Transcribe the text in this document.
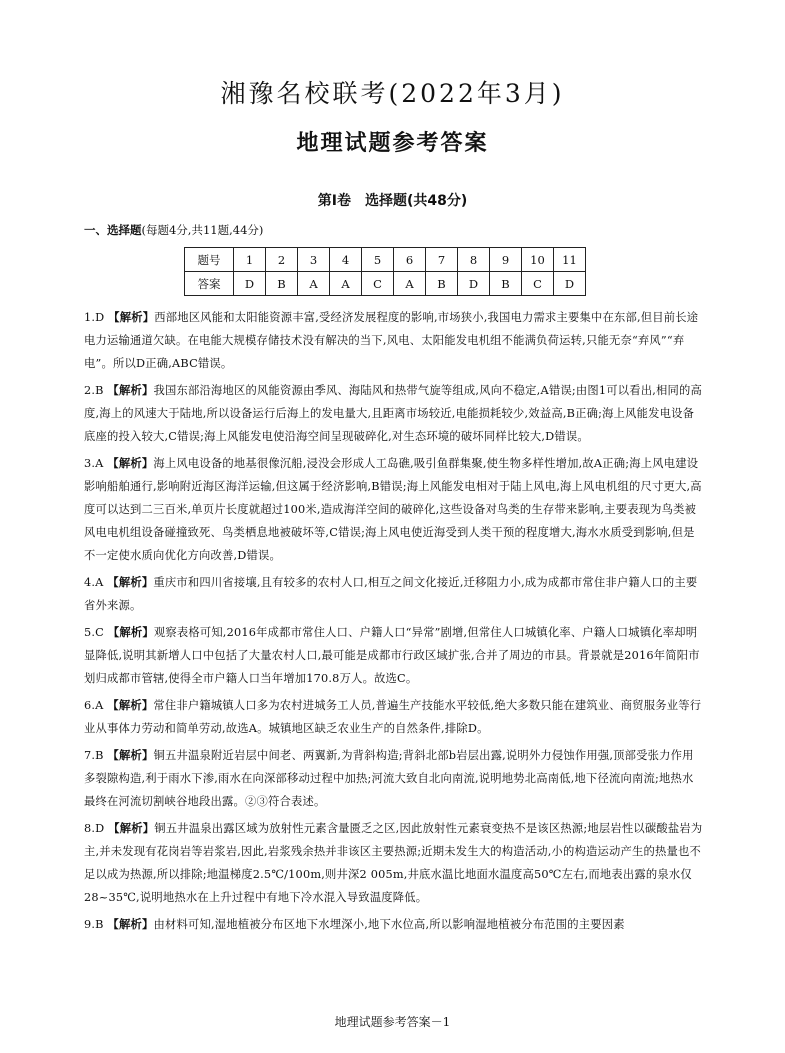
湘豫名校联考(2022年3月)
地理试题参考答案
第Ⅰ卷　选择题(共48分)
一、选择题(每题4分,共11题,44分)
题号	1	2	3	4	5	6	7	8	9	10	11
答案	D	B	A	A	C	A	B	D	B	C	D

1.D 【解析】西部地区风能和太阳能资源丰富,受经济发展程度的影响,市场狭小,我国电力需求主要集中在东部,但目前长途电力运输通道欠缺。在电能大规模存储技术没有解决的当下,风电、太阳能发电机组不能满负荷运转,只能无奈“弃风”“弃电”。所以D正确,ABC错误。

2.B 【解析】我国东部沿海地区的风能资源由季风、海陆风和热带气旋等组成,风向不稳定,A错误;由图1可以看出,相同的高度,海上的风速大于陆地,所以设备运行后海上的发电量大,且距离市场较近,电能损耗较少,效益高,B正确;海上风能发电设备底座的投入较大,C错误;海上风能发电使沿海空间呈现破碎化,对生态环境的破坏同样比较大,D错误。

3.A 【解析】海上风电设备的地基很像沉船,浸没会形成人工岛礁,吸引鱼群集聚,使生物多样性增加,故A正确;海上风电建设影响船舶通行,影响附近海区海洋运输,但这属于经济影响,B错误;海上风能发电相对于陆上风电,海上风电机组的尺寸更大,高度可以达到二三百米,单页片长度就超过100米,造成海洋空间的破碎化,这些设备对鸟类的生存带来影响,主要表现为鸟类被风电电机组设备碰撞致死、鸟类栖息地被破坏等,C错误;海上风电使近海受到人类干预的程度增大,海水水质受到影响,但是不一定使水质向优化方向改善,D错误。

4.A 【解析】重庆市和四川省接壤,且有较多的农村人口,相互之间文化接近,迁移阻力小,成为成都市常住非户籍人口的主要省外来源。

5.C 【解析】观察表格可知,2016年成都市常住人口、户籍人口“异常”剧增,但常住人口城镇化率、户籍人口城镇化率却明显降低,说明其新增人口中包括了大量农村人口,最可能是成都市行政区域扩张,合并了周边的市县。背景就是2016年简阳市划归成都市管辖,使得全市户籍人口当年增加170.8万人。故选C。

6.A 【解析】常住非户籍城镇人口多为农村进城务工人员,普遍生产技能水平较低,绝大多数只能在建筑业、商贸服务业等行业从事体力劳动和简单劳动,故选A。城镇地区缺乏农业生产的自然条件,排除D。

7.B 【解析】铜五井温泉附近岩层中间老、两翼新,为背斜构造;背斜北部b岩层出露,说明外力侵蚀作用强,顶部受张力作用多裂隙构造,利于雨水下渗,雨水在向深部移动过程中加热;河流大致自北向南流,说明地势北高南低,地下径流向南流;地热水最终在河流切割峡谷地段出露。②③符合表述。

8.D 【解析】铜五井温泉出露区域为放射性元素含量匮乏之区,因此放射性元素衰变热不是该区热源;地层岩性以碳酸盐岩为主,并未发现有花岗岩等岩浆岩,因此,岩浆残余热并非该区主要热源;近期未发生大的构造活动,小的构造运动产生的热量也不足以成为热源,所以排除;地温梯度2.5℃/100m,则井深2 005m,井底水温比地面水温度高50℃左右,而地表出露的泉水仅28~35℃,说明地热水在上升过程中有地下冷水混入导致温度降低。

9.B 【解析】由材料可知,湿地植被分布区地下水埋深小,地下水位高,所以影响湿地植被分布范围的主要因素

地理试题参考答案－1
